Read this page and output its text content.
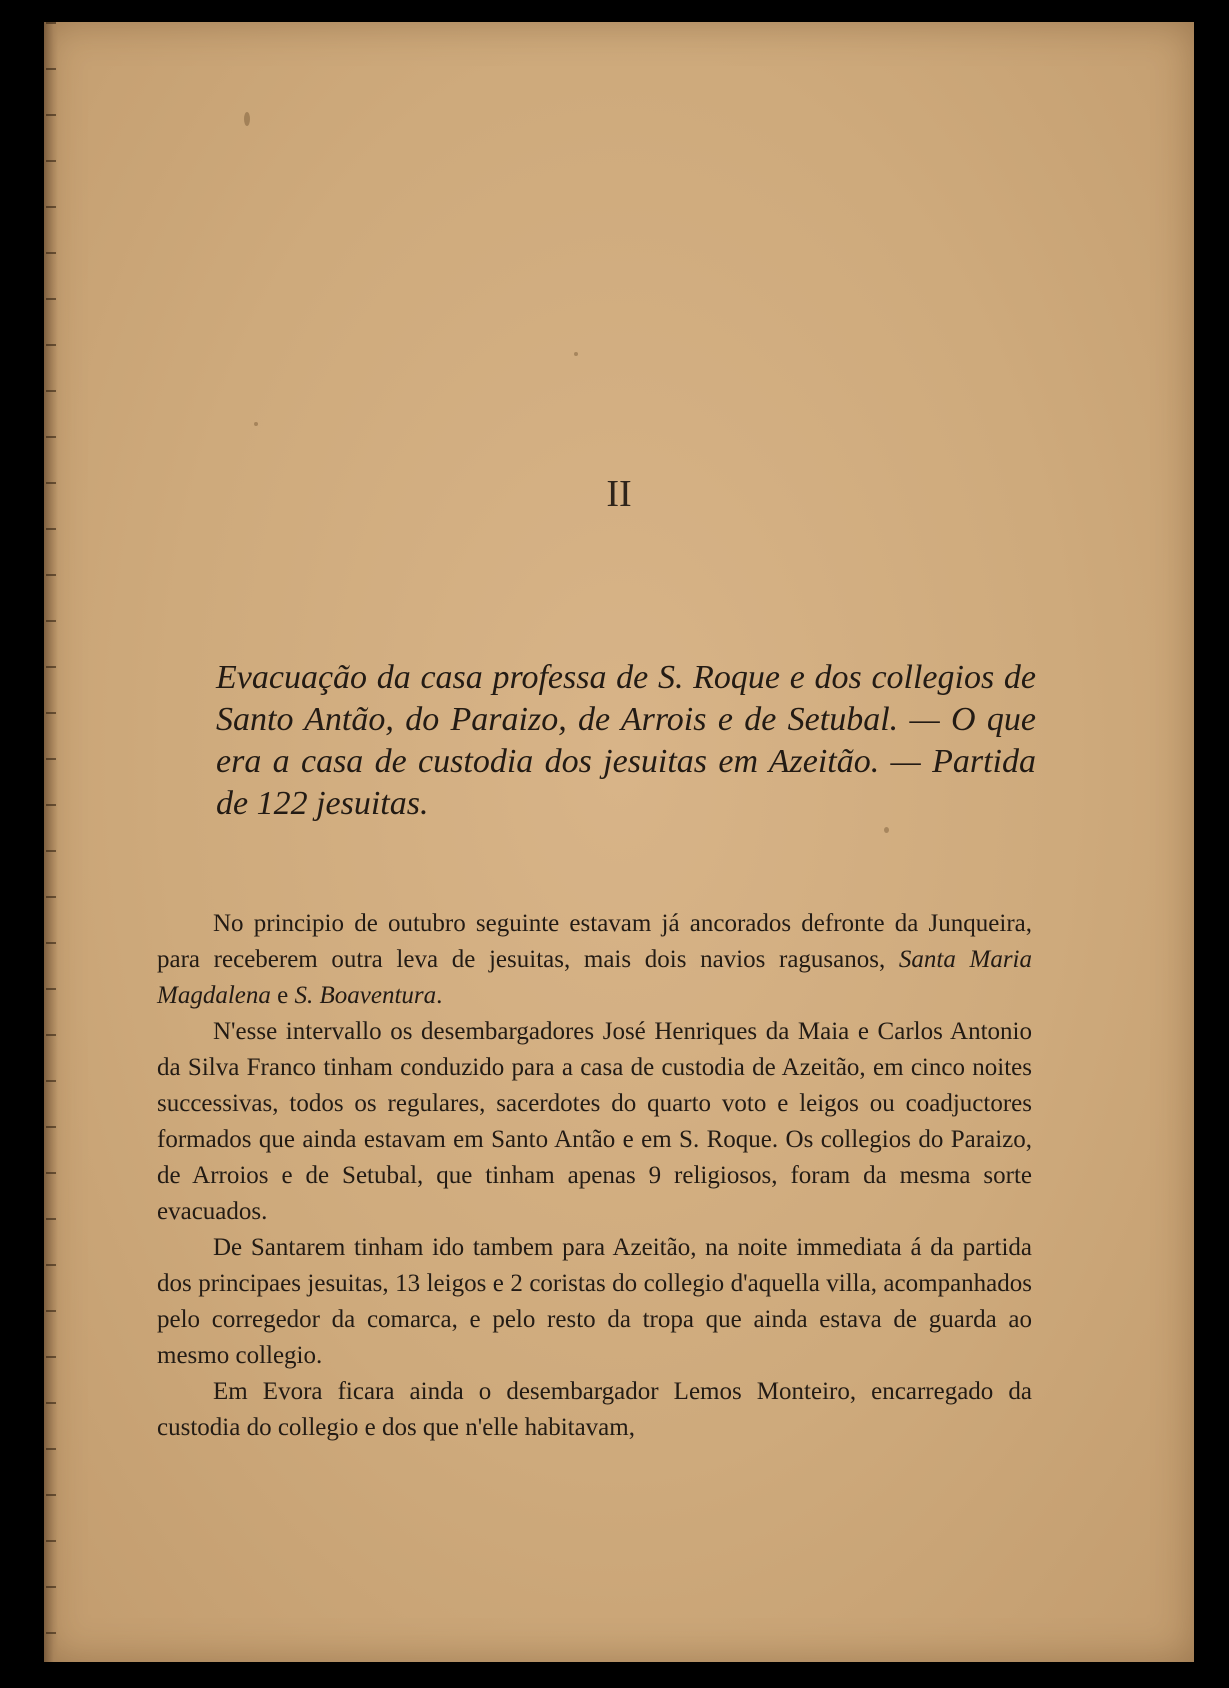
II

Evacuação da casa professa de S. Roque e dos collegios de Santo Antão, do Paraizo, de Arrois e de Setubal. — O que era a casa de custodia dos jesuitas em Azeitão. — Partida de 122 jesuitas.

No principio de outubro seguinte estavam já ancorados defronte da Junqueira, para receberem outra leva de jesuitas, mais dois navios ragusanos, Santa Maria Magdalena e S. Boaventura.

N'esse intervallo os desembargadores José Henriques da Maia e Carlos Antonio da Silva Franco tinham conduzido para a casa de custodia de Azeitão, em cinco noites successivas, todos os regulares, sacerdotes do quarto voto e leigos ou coadjuctores formados que ainda estavam em Santo Antão e em S. Roque. Os collegios do Paraizo, de Arroios e de Setubal, que tinham apenas 9 religiosos, foram da mesma sorte evacuados.

De Santarem tinham ido tambem para Azeitão, na noite immediata á da partida dos principaes jesuitas, 13 leigos e 2 coristas do collegio d'aquella villa, acompanhados pelo corregedor da comarca, e pelo resto da tropa que ainda estava de guarda ao mesmo collegio.

Em Evora ficara ainda o desembargador Lemos Monteiro, encarregado da custodia do collegio e dos que n'elle habitavam,
